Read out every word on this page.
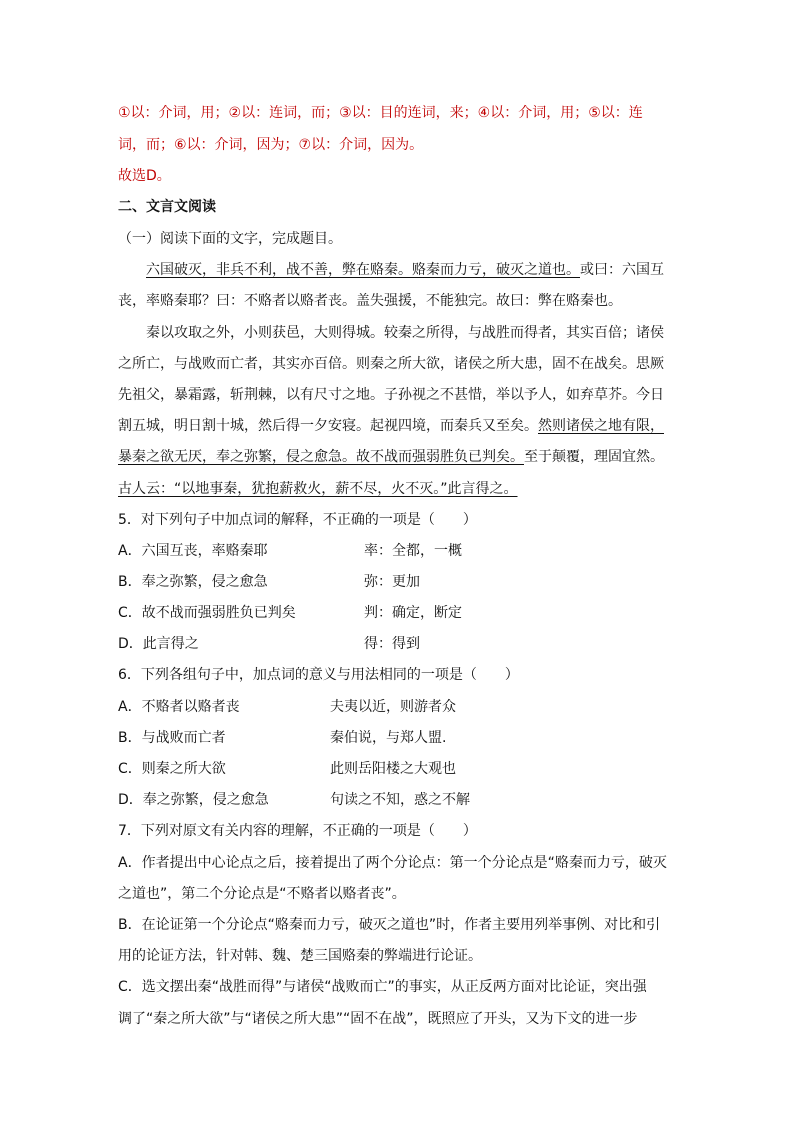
①以：介词，用；②以：连词，而；③以：目的连词，来；④以：介词，用；⑤以：连
词，而；⑥以：介词，因为；⑦以：介词，因为。
故选D。
二、文言文阅读
（一）阅读下面的文字，完成题目。
六国破灭，非兵不利，战不善，弊在赂秦。赂秦而力亏，破灭之道也。或曰：六国互
丧，率赂秦耶？曰：不赂者以赂者丧。盖失强援，不能独完。故曰：弊在赂秦也。
秦以攻取之外，小则获邑，大则得城。较秦之所得，与战胜而得者，其实百倍；诸侯
之所亡，与战败而亡者，其实亦百倍。则秦之所大欲，诸侯之所大患，固不在战矣。思厥
先祖父，暴霜露，斩荆棘，以有尺寸之地。子孙视之不甚惜，举以予人，如弃草芥。今日
割五城，明日割十城，然后得一夕安寝。起视四境，而秦兵又至矣。然则诸侯之地有限，
暴秦之欲无厌，奉之弥繁，侵之愈急。故不战而强弱胜负已判矣。至于颠覆，理固宜然。
古人云：“以地事秦，犹抱薪救火，薪不尽，火不灭。”此言得之。
5．对下列句子中加点词的解释，不正确的一项是（　　）
A．六国互丧，率赂秦耶	率：全都，一概
B．奉之弥繁，侵之愈急	弥：更加
C．故不战而强弱胜负已判矣	判：确定，断定
D．此言得之	得：得到
6．下列各组句子中，加点词的意义与用法相同的一项是（　　）
A．不赂者以赂者丧	夫夷以近，则游者众
B．与战败而亡者	秦伯说，与郑人盟.
C．则秦之所大欲	此则岳阳楼之大观也
D．奉之弥繁，侵之愈急	句读之不知，惑之不解
7．下列对原文有关内容的理解，不正确的一项是（　　）
A．作者提出中心论点之后，接着提出了两个分论点：第一个分论点是“赂秦而力亏，破灭
之道也”，第二个分论点是“不赂者以赂者丧”。
B．在论证第一个分论点“赂秦而力亏，破灭之道也”时，作者主要用列举事例、对比和引
用的论证方法，针对韩、魏、楚三国赂秦的弊端进行论证。
C．选文摆出秦“战胜而得”与诸侯“战败而亡”的事实，从正反两方面对比论证，突出强
调了“秦之所大欲”与“诸侯之所大患”“固不在战”，既照应了开头，又为下文的进一步
